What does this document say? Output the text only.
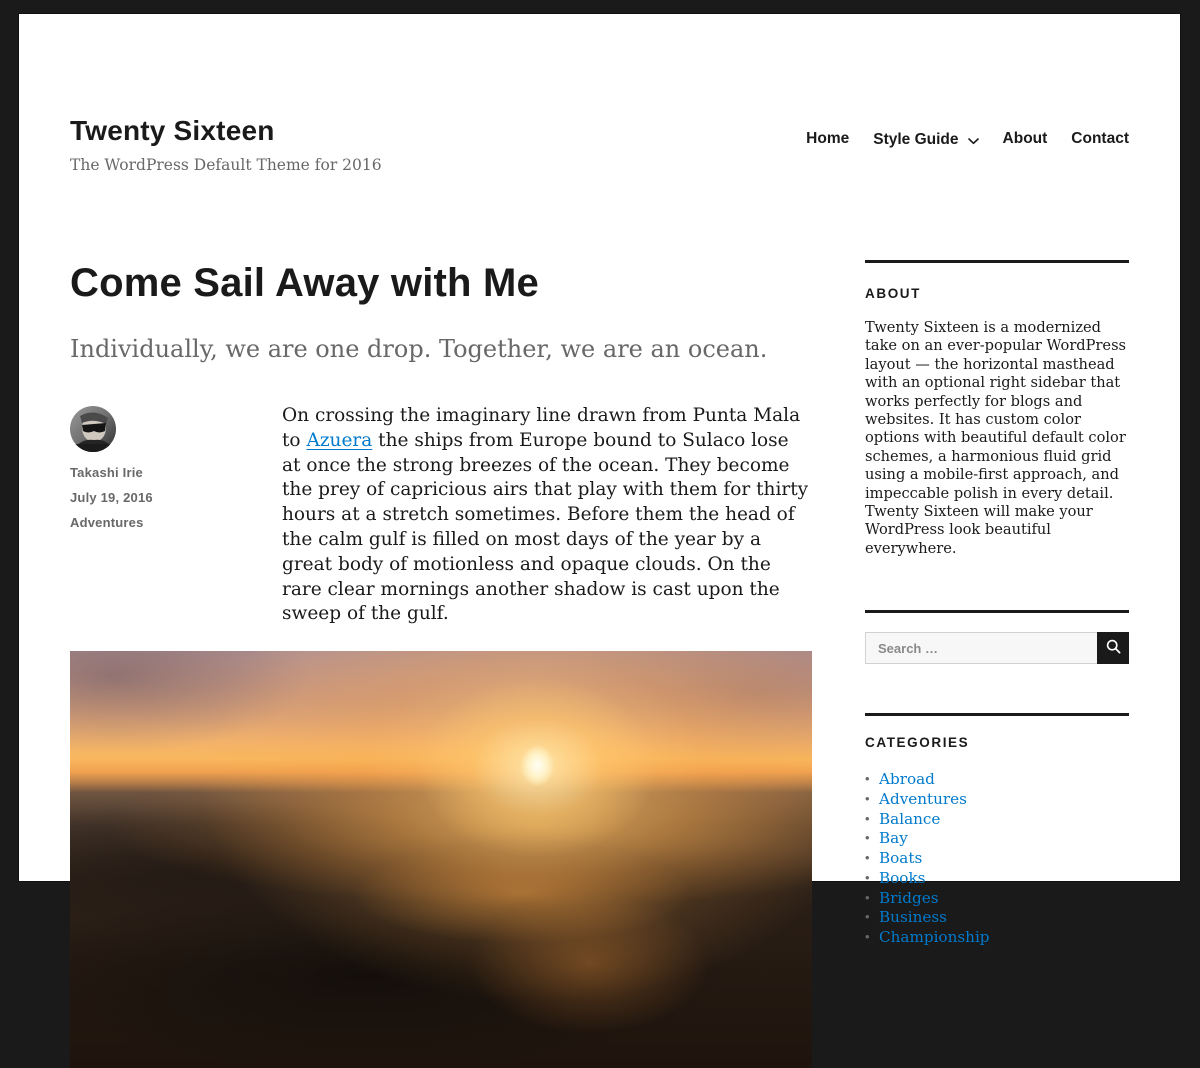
Twenty Sixteen

The WordPress Default Theme for 2016

Home Style Guide	About Contact
Come Sail Away with Me

Individually, we are one drop. Together, we are an ocean.

Takashi Irie
July 19, 2016
Adventures

On crossing the imaginary line drawn from Punta Mala to Azuera the ships from Europe bound to Sulaco lose at once the strong breezes of the ocean. They become the prey of capricious airs that play with them for thirty hours at a stretch sometimes. Before them the head of the calm gulf is filled on most days of the year by a great body of motionless and opaque clouds. On the rare clear mornings another shadow is cast upon the sweep of the gulf.

ABOUT

Twenty Sixteen is a modernized take on an ever-popular WordPress layout — the horizontal masthead with an optional right sidebar that works perfectly for blogs and websites. It has custom color options with beautiful default color schemes, a harmonious fluid grid using a mobile-first approach, and impeccable polish in every detail. Twenty Sixteen will make your WordPress look beautiful everywhere.

Search …
CATEGORIES
• Abroad
• Adventures
• Balance
• Bay
• Boats
• Books
• Bridges
• Business
• Championship
